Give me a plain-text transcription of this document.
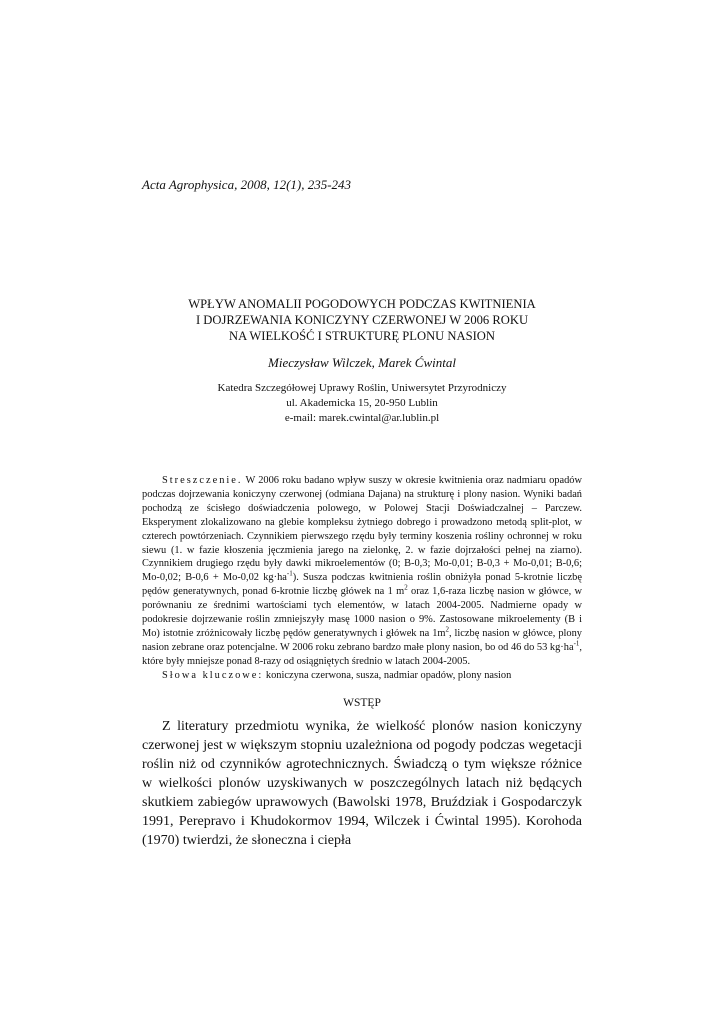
Acta Agrophysica, 2008, 12(1), 235-243
WPŁYW ANOMALII POGODOWYCH PODCZAS KWITNIENIA
I DOJRZEWANIA KONICZYNY CZERWONEJ W 2006 ROKU
NA WIELKOŚĆ I STRUKTURĘ PLONU NASION
Mieczysław Wilczek, Marek Ćwintal
Katedra Szczegółowej Uprawy Roślin, Uniwersytet Przyrodniczy
ul. Akademicka 15, 20-950 Lublin
e-mail: marek.cwintal@ar.lublin.pl

Streszczenie. W 2006 roku badano wpływ suszy w okresie kwitnienia oraz nadmiaru opadów podczas dojrzewania koniczyny czerwonej (odmiana Dajana) na strukturę i plony nasion. Wyniki badań pochodzą ze ścisłego doświadczenia polowego, w Polowej Stacji Doświadczalnej – Parczew. Eksperyment zlokalizowano na glebie kompleksu żytniego dobrego i prowadzono metodą split-plot, w czterech powtórzeniach. Czynnikiem pierwszego rzędu były terminy koszenia rośliny ochronnej w roku siewu (1. w fazie kłoszenia jęczmienia jarego na zielonkę, 2. w fazie dojrzałości pełnej na ziarno). Czynnikiem drugiego rzędu były dawki mikroelementów (0; B-0,3; Mo-0,01; B-0,3 + Mo-0,01; B-0,6; Mo-0,02; B-0,6 + Mo-0,02 $kg\cdot ha^{-1}$). Susza podczas kwitnienia roślin obniżyła ponad 5-krotnie liczbę pędów generatywnych, ponad 6-krotnie liczbę główek na 1 $m^2$ oraz 1,6-raza liczbę nasion w główce, w porównaniu ze średnimi wartościami tych elementów, w latach 2004-2005. Nadmierne opady w podokresie dojrzewanie roślin zmniejszyły masę 1000 nasion o 9%. Zastosowane mikroelementy (B i Mo) istotnie zróżnicowały liczbę pędów generatywnych i główek na $1m^2$, liczbę nasion w główce, plony nasion zebrane oraz potencjalne. W 2006 roku zebrano bardzo małe plony nasion, bo od 46 do 53 $kg\cdot ha^{-1}$, które były mniejsze ponad 8-razy od osiągniętych średnio w latach 2004-2005.

Słowa kluczowe: koniczyna czerwona, susza, nadmiar opadów, plony nasion

WSTĘP

Z literatury przedmiotu wynika, że wielkość plonów nasion koniczyny czerwonej jest w większym stopniu uzależniona od pogody podczas wegetacji roślin niż od czynników agrotechnicznych. Świadczą o tym większe różnice w wielkości plonów uzyskiwanych w poszczególnych latach niż będących skutkiem zabiegów uprawowych (Bawolski 1978, Bruździak i Gospodarczyk 1991, Perepravo i Khudokormov 1994, Wilczek i Ćwintal 1995). Korohoda (1970) twierdzi, że słoneczna i ciepła
